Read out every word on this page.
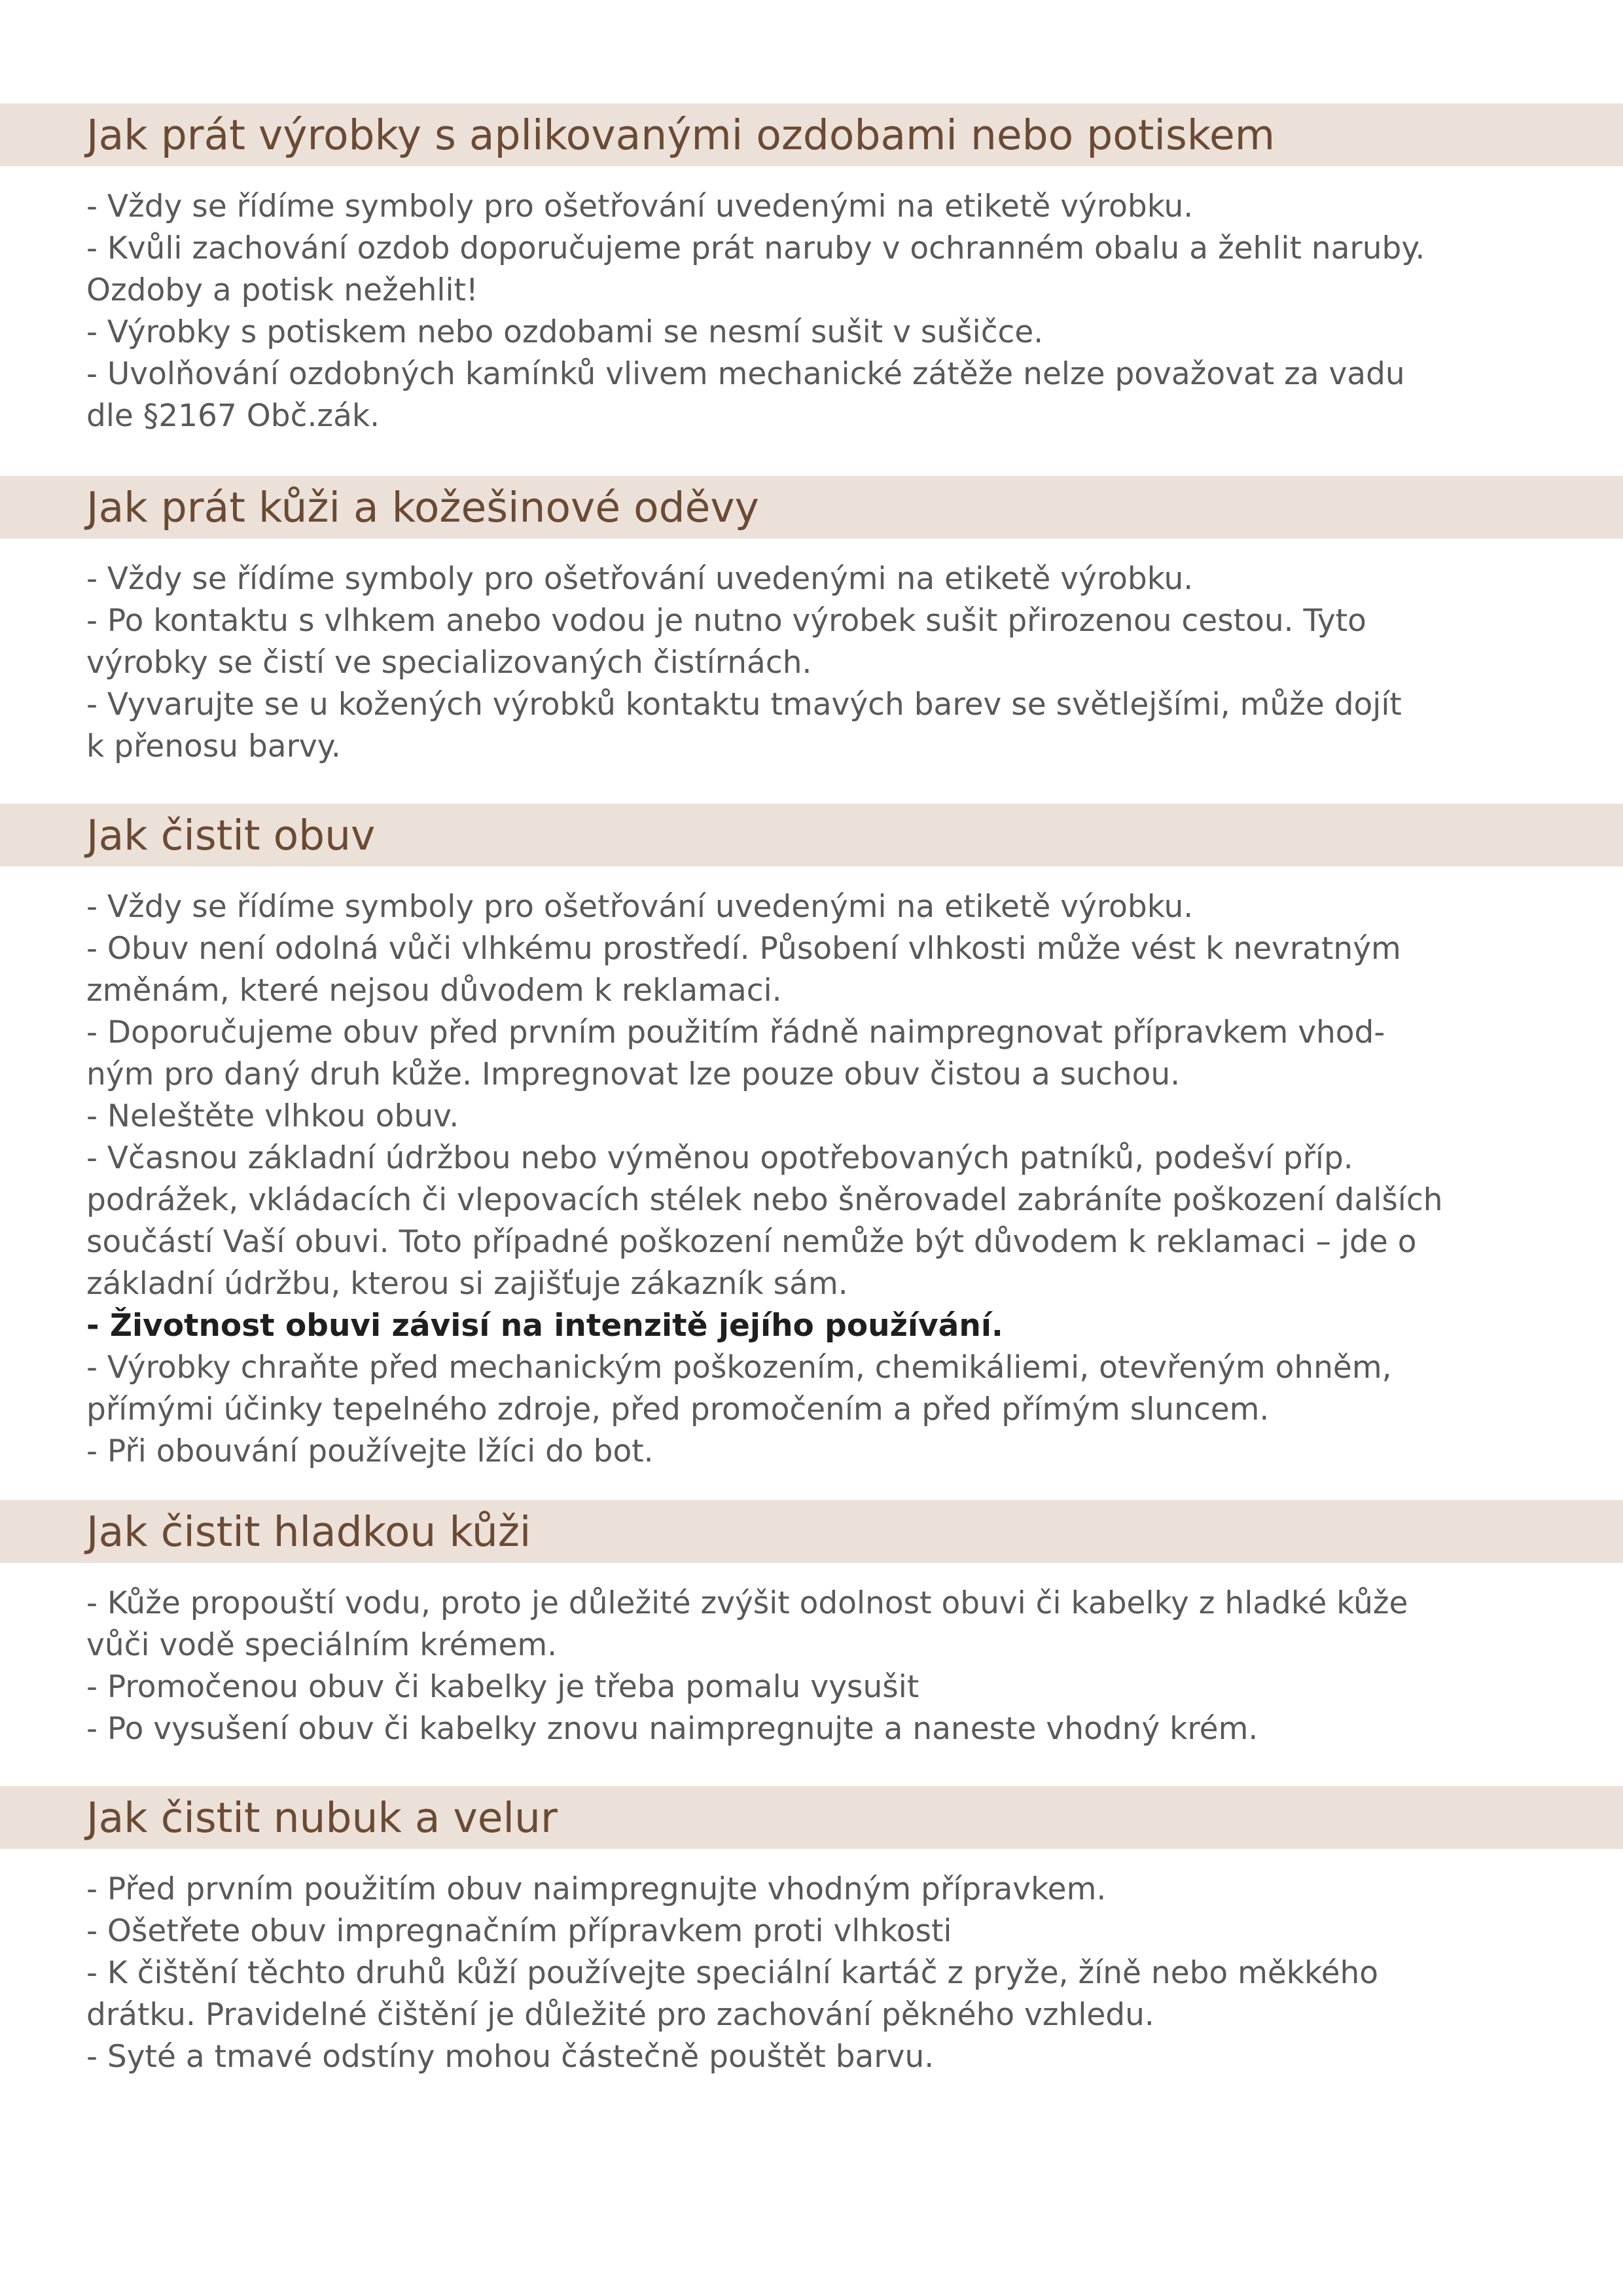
Jak prát výrobky s aplikovanými ozdobami nebo potiskem
- Vždy se řídíme symboly pro ošetřování uvedenými na etiketě výrobku.
- Kvůli zachování ozdob doporučujeme prát naruby v ochranném obalu a žehlit naruby.
Ozdoby a potisk nežehlit!
- Výrobky s potiskem nebo ozdobami se nesmí sušit v sušičce.
- Uvolňování ozdobných kamínků vlivem mechanické zátěže nelze považovat za vadu
dle §2167 Obč.zák.
Jak prát kůži a kožešinové oděvy
- Vždy se řídíme symboly pro ošetřování uvedenými na etiketě výrobku.
- Po kontaktu s vlhkem anebo vodou je nutno výrobek sušit přirozenou cestou. Tyto
výrobky se čistí ve specializovaných čistírnách.
- Vyvarujte se u kožených výrobků kontaktu tmavých barev se světlejšími, může dojít
k přenosu barvy.
Jak čistit obuv
- Vždy se řídíme symboly pro ošetřování uvedenými na etiketě výrobku.
- Obuv není odolná vůči vlhkému prostředí. Působení vlhkosti může vést k nevratným
změnám, které nejsou důvodem k reklamaci.
- Doporučujeme obuv před prvním použitím řádně naimpregnovat přípravkem vhod-
ným pro daný druh kůže. Impregnovat lze pouze obuv čistou a suchou.
- Neleštěte vlhkou obuv.
- Včasnou základní údržbou nebo výměnou opotřebovaných patníků, podešví příp.
podrážek, vkládacích či vlepovacích stélek nebo šněrovadel zabráníte poškození dalších
součástí Vaší obuvi. Toto případné poškození nemůže být důvodem k reklamaci – jde o
základní údržbu, kterou si zajišťuje zákazník sám.
- Životnost obuvi závisí na intenzitě jejího používání.
- Výrobky chraňte před mechanickým poškozením, chemikáliemi, otevřeným ohněm,
přímými účinky tepelného zdroje, před promočením a před přímým sluncem.
- Při obouvání používejte lžíci do bot.
Jak čistit hladkou kůži
- Kůže propouští vodu, proto je důležité zvýšit odolnost obuvi či kabelky z hladké kůže
vůči vodě speciálním krémem.
- Promočenou obuv či kabelky je třeba pomalu vysušit
- Po vysušení obuv či kabelky znovu naimpregnujte a naneste vhodný krém.
Jak čistit nubuk a velur
- Před prvním použitím obuv naimpregnujte vhodným přípravkem.
- Ošetřete obuv impregnačním přípravkem proti vlhkosti
- K čištění těchto druhů kůží používejte speciální kartáč z pryže, žíně nebo měkkého
drátku. Pravidelné čištění je důležité pro zachování pěkného vzhledu.
- Syté a tmavé odstíny mohou částečně pouštět barvu.
